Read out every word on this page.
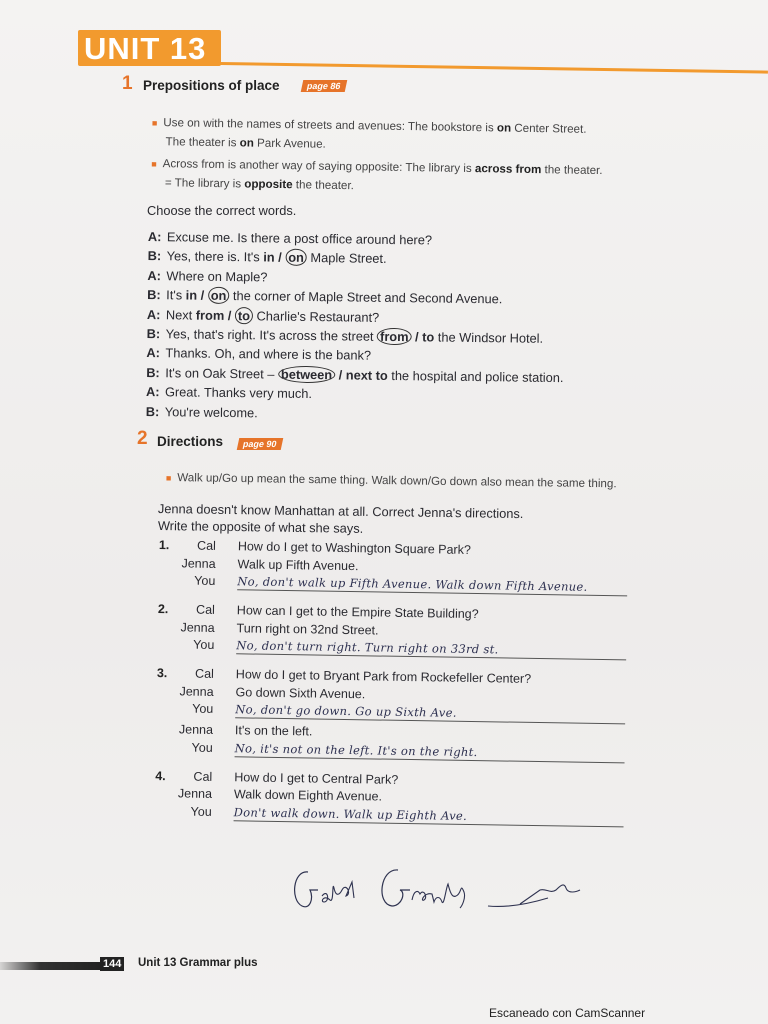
UNIT 13
1 Prepositions of place	page 86
■ Use on with the names of streets and avenues: The bookstore is on Center Street.
The theater is on Park Avenue.
■ Across from is another way of saying opposite: The library is across from the theater.
= The library is opposite the theater.
Choose the correct words.
A: Excuse me. Is there a post office around here?
B: Yes, there is. It's in / on Maple Street.
A: Where on Maple?
B: It's in / on the corner of Maple Street and Second Avenue.
A: Next from / to Charlie's Restaurant?
B: Yes, that's right. It's across the street from / to the Windsor Hotel.
A: Thanks. Oh, and where is the bank?
B: It's on Oak Street – between / next to the hospital and police station.
A: Great. Thanks very much.
B: You're welcome.
2 Directions	page 90
■ Walk up/Go up mean the same thing. Walk down/Go down also mean the same thing.
Jenna doesn't know Manhattan at all. Correct Jenna's directions.
Write the opposite of what she says.
1.	Cal How do I get to Washington Square Park?
Jenna Walk up Fifth Avenue.
You No, don't walk up Fifth Avenue. Walk down Fifth Avenue.
2.	Cal How can I get to the Empire State Building?
Jenna Turn right on 32nd Street.
You No, don't turn right. Turn right on 33rd st.
3.	Cal How do I get to Bryant Park from Rockefeller Center?
Jenna Go down Sixth Avenue.
You No, don't go down. Go up Sixth Ave.
Jenna It's on the left.
You No, it's not on the left. It's on the right.
4.	Cal How do I get to Central Park?
Jenna Walk down Eighth Avenue.
You Don't walk down. Walk up Eighth Ave.
144 Unit 13 Grammar plus
Escaneado con CamScanner
